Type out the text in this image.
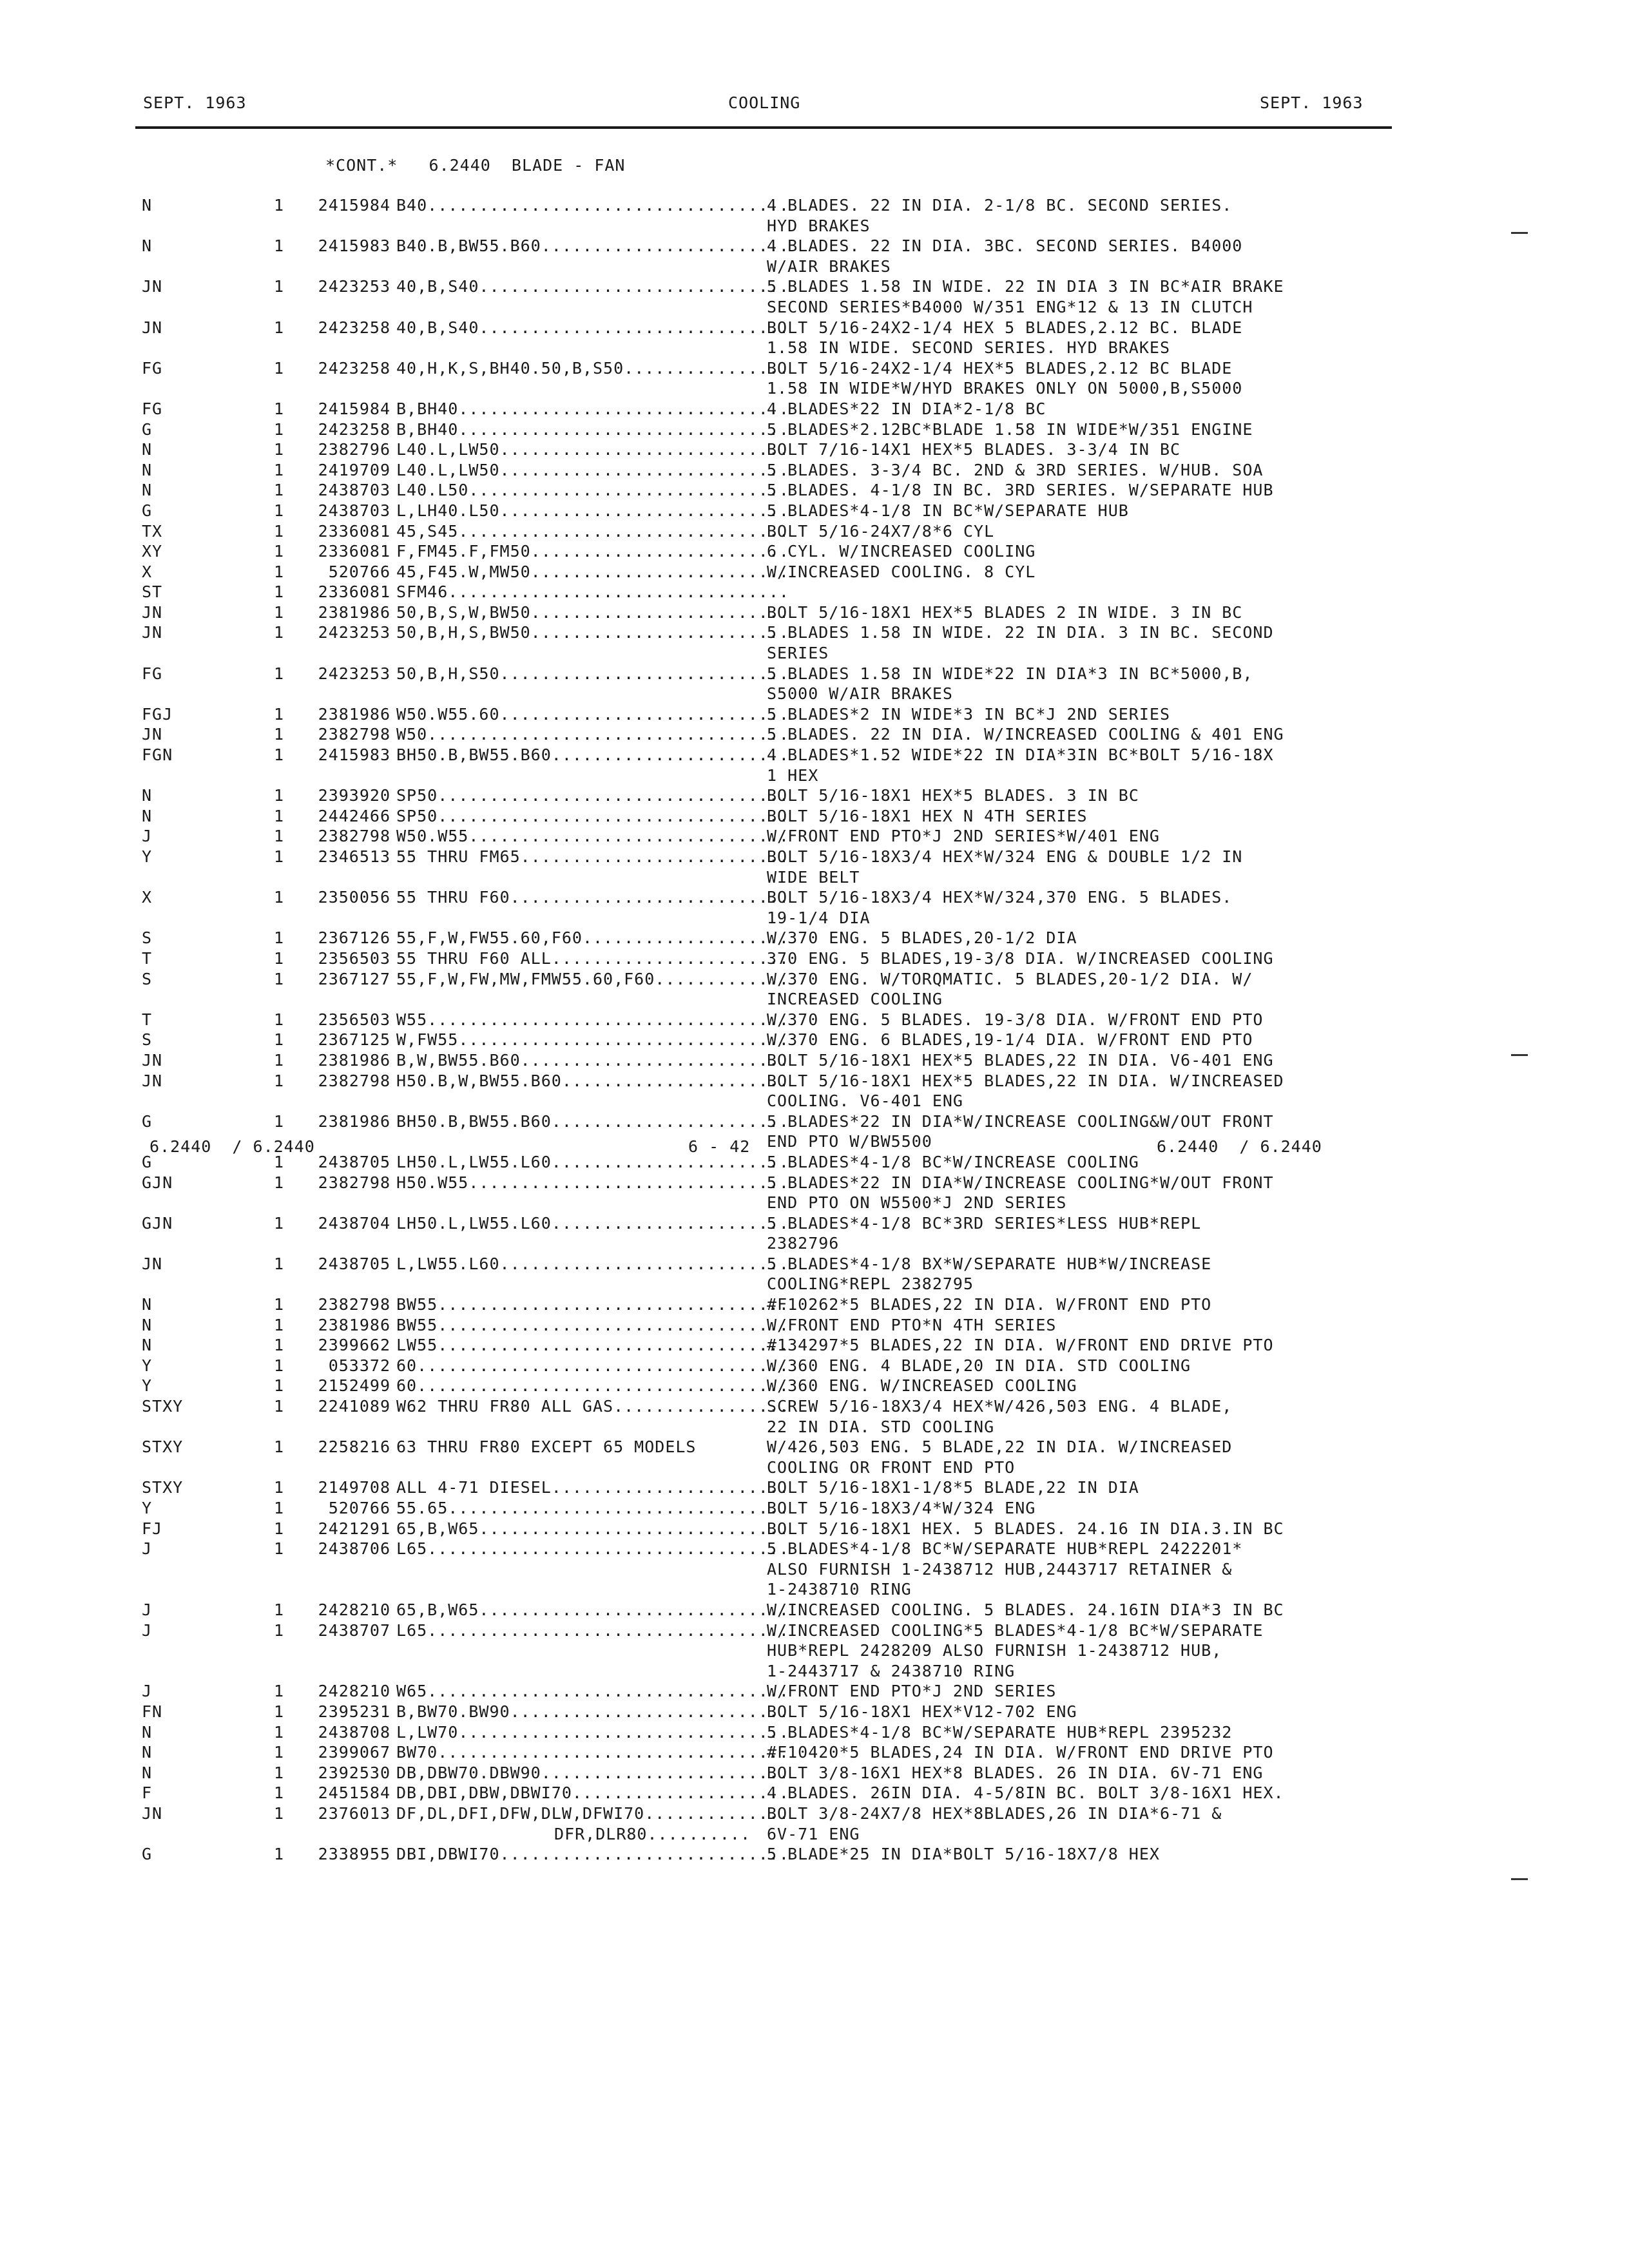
SEPT. 1963	COOLING	SEPT. 1963
*CONT.*   6.2440  BLADE - FAN
N	1	2415984 B40...................................
4 BLADES. 22 IN DIA. 2-1/8 BC. SECOND SERIES.
HYD BRAKES
N	1	2415983 B40.B,BW55.B60........................
4 BLADES. 22 IN DIA. 3BC. SECOND SERIES. B4000
W/AIR BRAKES
JN	1	2423253 40,B,S40..............................
5 BLADES 1.58 IN WIDE. 22 IN DIA 3 IN BC*AIR BRAKE
SECOND SERIES*B4000 W/351 ENG*12 & 13 IN CLUTCH
JN	1	2423258 40,B,S40..............................
BOLT 5/16-24X2-1/4 HEX 5 BLADES,2.12 BC. BLADE
1.58 IN WIDE. SECOND SERIES. HYD BRAKES
FG	1	2423258 40,H,K,S,BH40.50,B,S50................
BOLT 5/16-24X2-1/4 HEX*5 BLADES,2.12 BC BLADE
1.58 IN WIDE*W/HYD BRAKES ONLY ON 5000,B,S5000
FG	1	2415984 B,BH40................................
4 BLADES*22 IN DIA*2-1/8 BC
G	1	2423258 B,BH40................................
5 BLADES*2.12BC*BLADE 1.58 IN WIDE*W/351 ENGINE
N	1	2382796 L40.L,LW50............................
BOLT 7/16-14X1 HEX*5 BLADES. 3-3/4 IN BC
N	1	2419709 L40.L,LW50............................
5 BLADES. 3-3/4 BC. 2ND & 3RD SERIES. W/HUB. SOA
N	1	2438703 L40.L50...............................
5 BLADES. 4-1/8 IN BC. 3RD SERIES. W/SEPARATE HUB
G	1	2438703 L,LH40.L50............................
5 BLADES*4-1/8 IN BC*W/SEPARATE HUB
TX	1	2336081 45,S45................................
BOLT 5/16-24X7/8*6 CYL
XY	1	2336081 F,FM45.F,FM50.........................
6 CYL. W/INCREASED COOLING
X	1	520766 45,F45.W,MW50.........................
W/INCREASED COOLING. 8 CYL
ST	1	2336081 SFM46.................................
JN	1	2381986 50,B,S,W,BW50.........................
BOLT 5/16-18X1 HEX*5 BLADES 2 IN WIDE. 3 IN BC
JN	1	2423253 50,B,H,S,BW50.........................
5 BLADES 1.58 IN WIDE. 22 IN DIA. 3 IN BC. SECOND
SERIES
FG	1	2423253 50,B,H,S50............................
5 BLADES 1.58 IN WIDE*22 IN DIA*3 IN BC*5000,B,
S5000 W/AIR BRAKES
FGJ	1	2381986 W50.W55.60............................
5 BLADES*2 IN WIDE*3 IN BC*J 2ND SERIES
JN	1	2382798 W50...................................
5 BLADES. 22 IN DIA. W/INCREASED COOLING & 401 ENG
FGN	1	2415983 BH50.B,BW55.B60.......................
4 BLADES*1.52 WIDE*22 IN DIA*3IN BC*BOLT 5/16-18X
1 HEX
N	1	2393920 SP50..................................
BOLT 5/16-18X1 HEX*5 BLADES. 3 IN BC
N	1	2442466 SP50..................................
BOLT 5/16-18X1 HEX N 4TH SERIES
J	1	2382798 W50.W55...............................
W/FRONT END PTO*J 2ND SERIES*W/401 ENG
Y	1	2346513 55 THRU FM65..........................
BOLT 5/16-18X3/4 HEX*W/324 ENG & DOUBLE 1/2 IN
WIDE BELT
X	1	2350056 55 THRU F60...........................
BOLT 5/16-18X3/4 HEX*W/324,370 ENG. 5 BLADES.
19-1/4 DIA
S	1	2367126 55,F,W,FW55.60,F60....................
W/370 ENG. 5 BLADES,20-1/2 DIA
T	1	2356503 55 THRU F60 ALL.......................
370 ENG. 5 BLADES,19-3/8 DIA. W/INCREASED COOLING
S	1	2367127 55,F,W,FW,MW,FMW55.60,F60.............
W/370 ENG. W/TORQMATIC. 5 BLADES,20-1/2 DIA. W/
INCREASED COOLING
T	1	2356503 W55...................................
W/370 ENG. 5 BLADES. 19-3/8 DIA. W/FRONT END PTO
S	1	2367125 W,FW55................................
W/370 ENG. 6 BLADES,19-1/4 DIA. W/FRONT END PTO
JN	1	2381986 B,W,BW55.B60..........................
BOLT 5/16-18X1 HEX*5 BLADES,22 IN DIA. V6-401 ENG
JN	1	2382798 H50.B,W,BW55.B60......................
BOLT 5/16-18X1 HEX*5 BLADES,22 IN DIA. W/INCREASED
COOLING. V6-401 ENG
G	1	2381986 BH50.B,BW55.B60.......................
5 BLADES*22 IN DIA*W/INCREASE COOLING&W/OUT FRONT
END PTO W/BW5500
G	1	2438705 LH50.L,LW55.L60.......................
5 BLADES*4-1/8 BC*W/INCREASE COOLING
GJN	1	2382798 H50.W55...............................
5 BLADES*22 IN DIA*W/INCREASE COOLING*W/OUT FRONT
END PTO ON W5500*J 2ND SERIES
GJN	1	2438704 LH50.L,LW55.L60.......................
5 BLADES*4-1/8 BC*3RD SERIES*LESS HUB*REPL
2382796
JN	1	2438705 L,LW55.L60............................
5 BLADES*4-1/8 BX*W/SEPARATE HUB*W/INCREASE
COOLING*REPL 2382795
N	1	2382798 BW55..................................
#F10262*5 BLADES,22 IN DIA. W/FRONT END PTO
N	1	2381986 BW55..................................
W/FRONT END PTO*N 4TH SERIES
N	1	2399662 LW55..................................
#134297*5 BLADES,22 IN DIA. W/FRONT END DRIVE PTO
Y	1	053372 60....................................
W/360 ENG. 4 BLADE,20 IN DIA. STD COOLING
Y	1	2152499 60....................................
W/360 ENG. W/INCREASED COOLING
STXY	1	2241089 W62 THRU FR80 ALL GAS.................
SCREW 5/16-18X3/4 HEX*W/426,503 ENG. 4 BLADE,
22 IN DIA. STD COOLING
STXY	1	2258216 63 THRU FR80 EXCEPT 65 MODELS	W/426,503 ENG. 5 BLADE,22 IN DIA. W/INCREASED
COOLING OR FRONT END PTO
STXY	1	2149708 ALL 4-71 DIESEL.......................
BOLT 5/16-18X1-1/8*5 BLADE,22 IN DIA
Y	1	520766 55.65.................................
BOLT 5/16-18X3/4*W/324 ENG
FJ	1	2421291 65,B,W65..............................
BOLT 5/16-18X1 HEX. 5 BLADES. 24.16 IN DIA.3.IN BC
J	1	2438706 L65...................................
5 BLADES*4-1/8 BC*W/SEPARATE HUB*REPL 2422201*
ALSO FURNISH 1-2438712 HUB,2443717 RETAINER &
1-2438710 RING
J	1	2428210 65,B,W65..............................
W/INCREASED COOLING. 5 BLADES. 24.16IN DIA*3 IN BC
J	1	2438707 L65...................................
W/INCREASED COOLING*5 BLADES*4-1/8 BC*W/SEPARATE
HUB*REPL 2428209 ALSO FURNISH 1-2438712 HUB,
1-2443717 & 2438710 RING
J	1	2428210 W65...................................
W/FRONT END PTO*J 2ND SERIES
FN	1	2395231 B,BW70.BW90...........................
BOLT 5/16-18X1 HEX*V12-702 ENG
N	1	2438708 L,LW70................................
5 BLADES*4-1/8 BC*W/SEPARATE HUB*REPL 2395232
N	1	2399067 BW70..................................
#F10420*5 BLADES,24 IN DIA. W/FRONT END DRIVE PTO
N	1	2392530 DB,DBW70.DBW90........................
BOLT 3/8-16X1 HEX*8 BLADES. 26 IN DIA. 6V-71 ENG
F	1	2451584 DB,DBI,DBW,DBWI70.....................
4 BLADES. 26IN DIA. 4-5/8IN BC. BOLT 3/8-16X1 HEX.
JN	1	2376013 DF,DL,DFI,DFW,DLW,DFWI70..............
BOLT 3/8-24X7/8 HEX*8BLADES,26 IN DIA*6-71 &
DFR,DLR80.......... 6V-71 ENG
G	1	2338955 DBI,DBWI70............................
5 BLADE*25 IN DIA*BOLT 5/16-18X7/8 HEX
6.2440  / 6.2440	6 - 42	6.2440  / 6.2440
